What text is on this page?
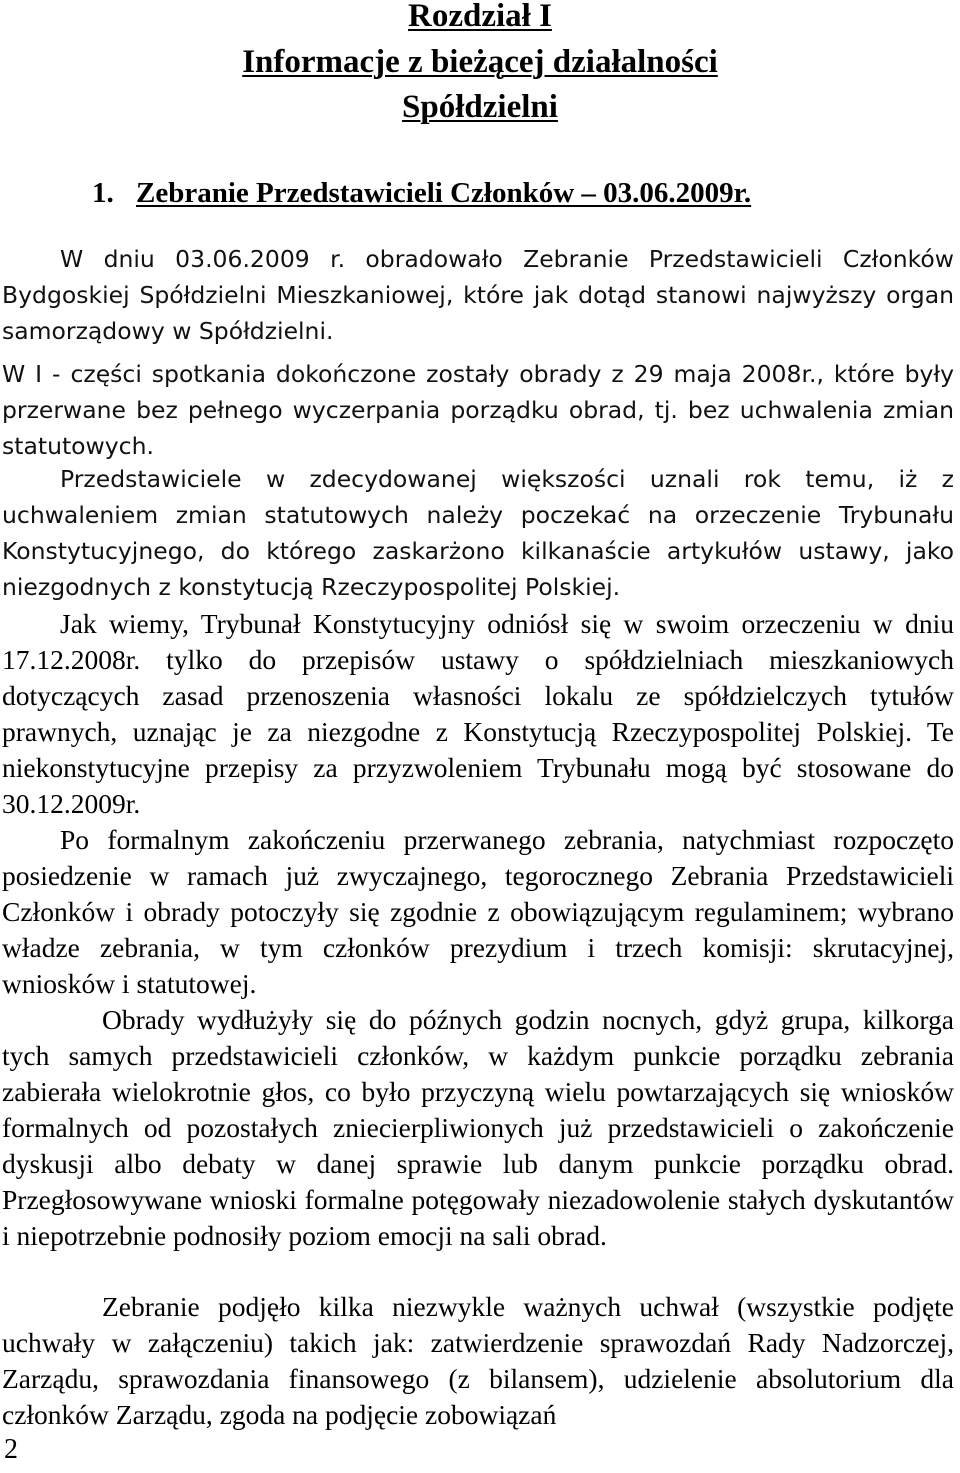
Rozdział I
Informacje z bieżącej działalności
Spółdzielni
1. Zebranie Przedstawicieli Członków – 03.06.2009r.

W dniu 03.06.2009 r. obradowało Zebranie Przedstawicieli Członków Bydgoskiej Spółdzielni Mieszkaniowej, które jak dotąd stanowi najwyższy organ samorządowy w Spółdzielni.

W I - części spotkania dokończone zostały obrady z 29 maja 2008r., które były przerwane bez pełnego wyczerpania porządku obrad, tj. bez uchwalenia zmian statutowych.

Przedstawiciele w zdecydowanej większości uznali rok temu, iż z uchwaleniem zmian statutowych należy poczekać na orzeczenie Trybunału Konstytucyjnego, do którego zaskarżono kilkanaście artykułów ustawy, jako niezgodnych z konstytucją Rzeczypospolitej Polskiej.

Jak wiemy, Trybunał Konstytucyjny odniósł się w swoim orzeczeniu w dniu 17.12.2008r. tylko do przepisów ustawy o spółdzielniach mieszkaniowych dotyczących zasad przenoszenia własności lokalu ze spółdzielczych tytułów prawnych, uznając je za niezgodne z Konstytucją Rzeczypospolitej Polskiej. Te niekonstytucyjne przepisy za przyzwoleniem Trybunału mogą być stosowane do 30.12.2009r.

Po formalnym zakończeniu przerwanego zebrania, natychmiast rozpoczęto posiedzenie w ramach już zwyczajnego, tegorocznego Zebrania Przedstawicieli Członków i obrady potoczyły się zgodnie z obowiązującym regulaminem; wybrano władze zebrania, w tym członków prezydium i trzech komisji: skrutacyjnej, wniosków i statutowej.

Obrady wydłużyły się do późnych godzin nocnych, gdyż grupa, kilkorga tych samych przedstawicieli członków, w każdym punkcie porządku zebrania zabierała wielokrotnie głos, co było przyczyną wielu powtarzających się wniosków formalnych od pozostałych zniecierpliwionych już przedstawicieli o zakończenie dyskusji albo debaty w danej sprawie lub danym punkcie porządku obrad. Przegłosowywane wnioski formalne potęgowały niezadowolenie stałych dyskutantów i niepotrzebnie podnosiły poziom emocji na sali obrad.

Zebranie podjęło kilka niezwykle ważnych uchwał (wszystkie podjęte uchwały w załączeniu) takich jak: zatwierdzenie sprawozdań Rady Nadzorczej, Zarządu, sprawozdania finansowego (z bilansem), udzielenie absolutorium dla członków Zarządu, zgoda na podjęcie zobowiązań

2
